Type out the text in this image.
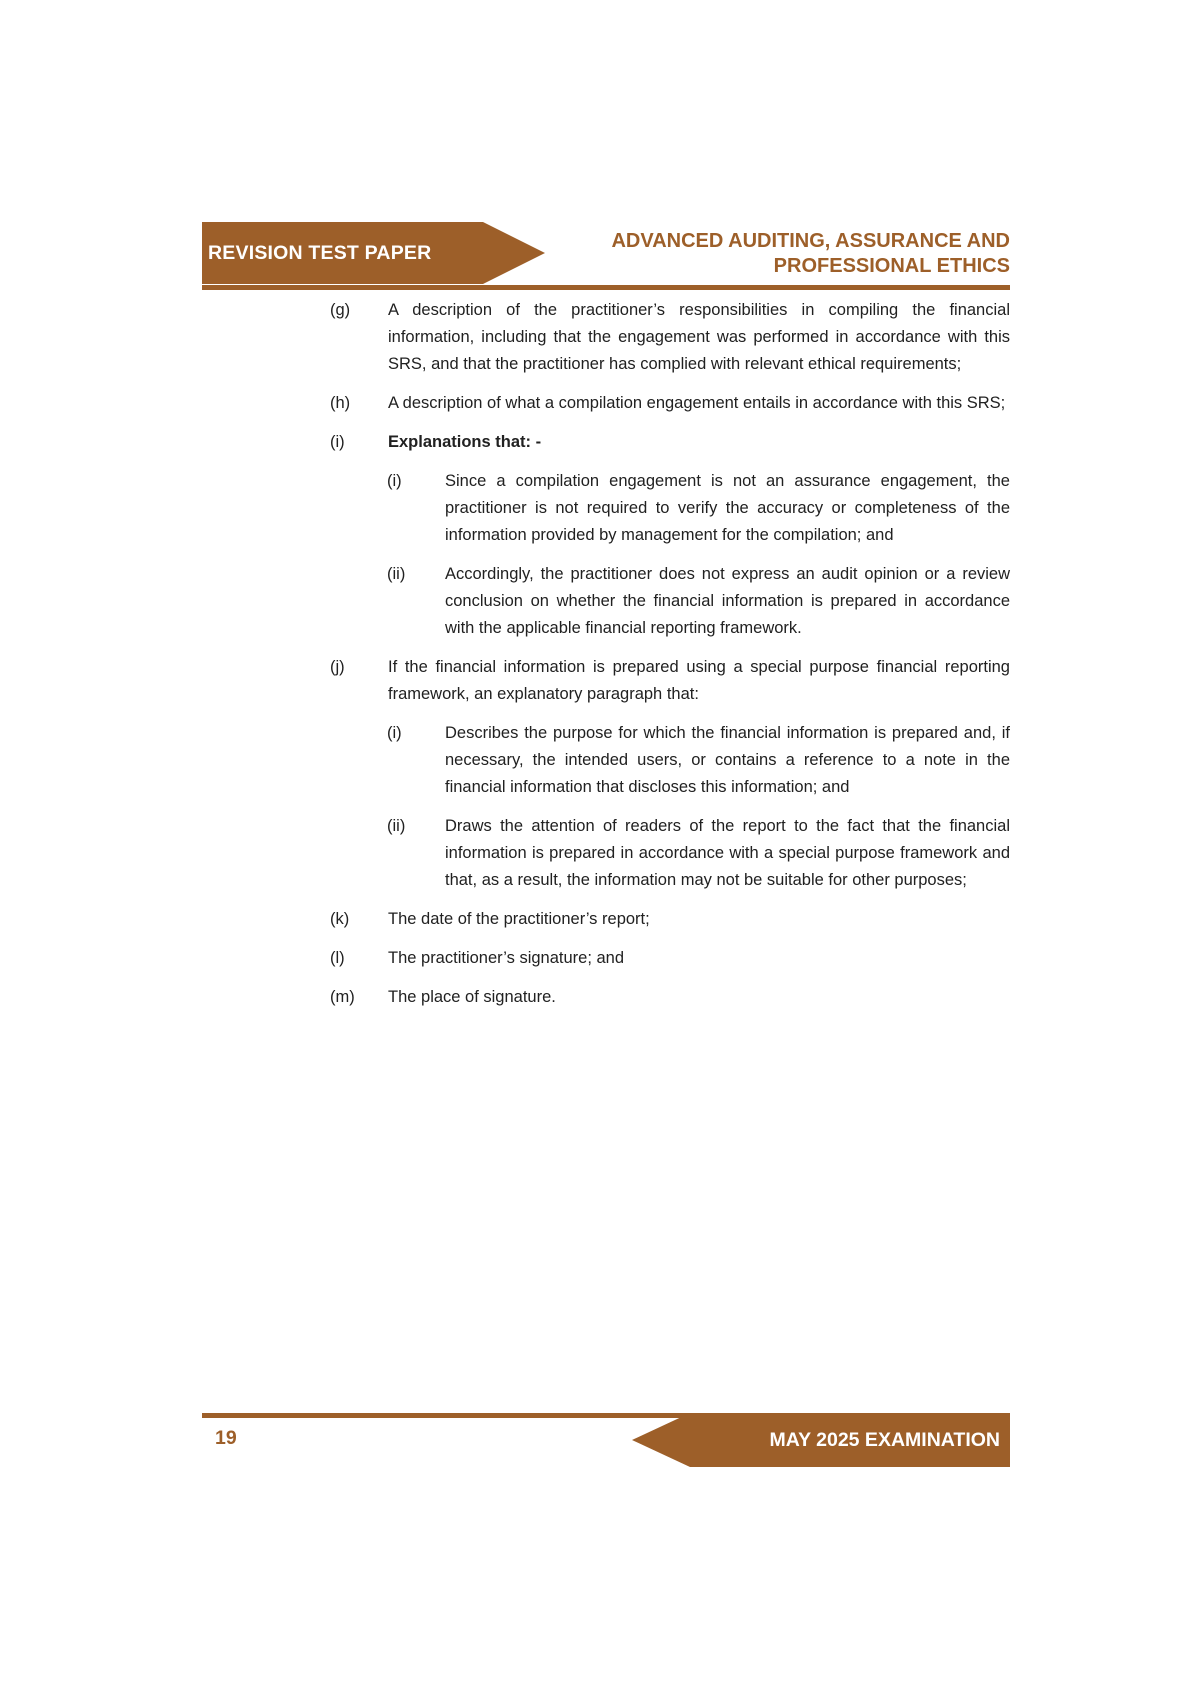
REVISION TEST PAPER
ADVANCED AUDITING, ASSURANCE AND
PROFESSIONAL ETHICS
(g)	A description of the practitioner’s responsibilities in compiling the financial information, including that the engagement was performed in accordance with this SRS, and that the practitioner has complied with relevant ethical requirements;
(h)	A description of what a compilation engagement entails in accordance with this SRS;
(i)	Explanations that: -
(i)	Since a compilation engagement is not an assurance engagement, the practitioner is not required to verify the accuracy or completeness of the information provided by management for the compilation; and
(ii)	Accordingly, the practitioner does not express an audit opinion or a review conclusion on whether the financial information is prepared in accordance with the applicable financial reporting framework.
(j)	If the financial information is prepared using a special purpose financial reporting framework, an explanatory paragraph that:
(i)	Describes the purpose for which the financial information is prepared and, if necessary, the intended users, or contains a reference to a note in the financial information that discloses this information; and
(ii)	Draws the attention of readers of the report to the fact that the financial information is prepared in accordance with a special purpose framework and that, as a result, the information may not be suitable for other purposes;
(k)	The date of the practitioner’s report;
(l)	The practitioner’s signature; and
(m)	The place of signature.
MAY 2025 EXAMINATION
19
